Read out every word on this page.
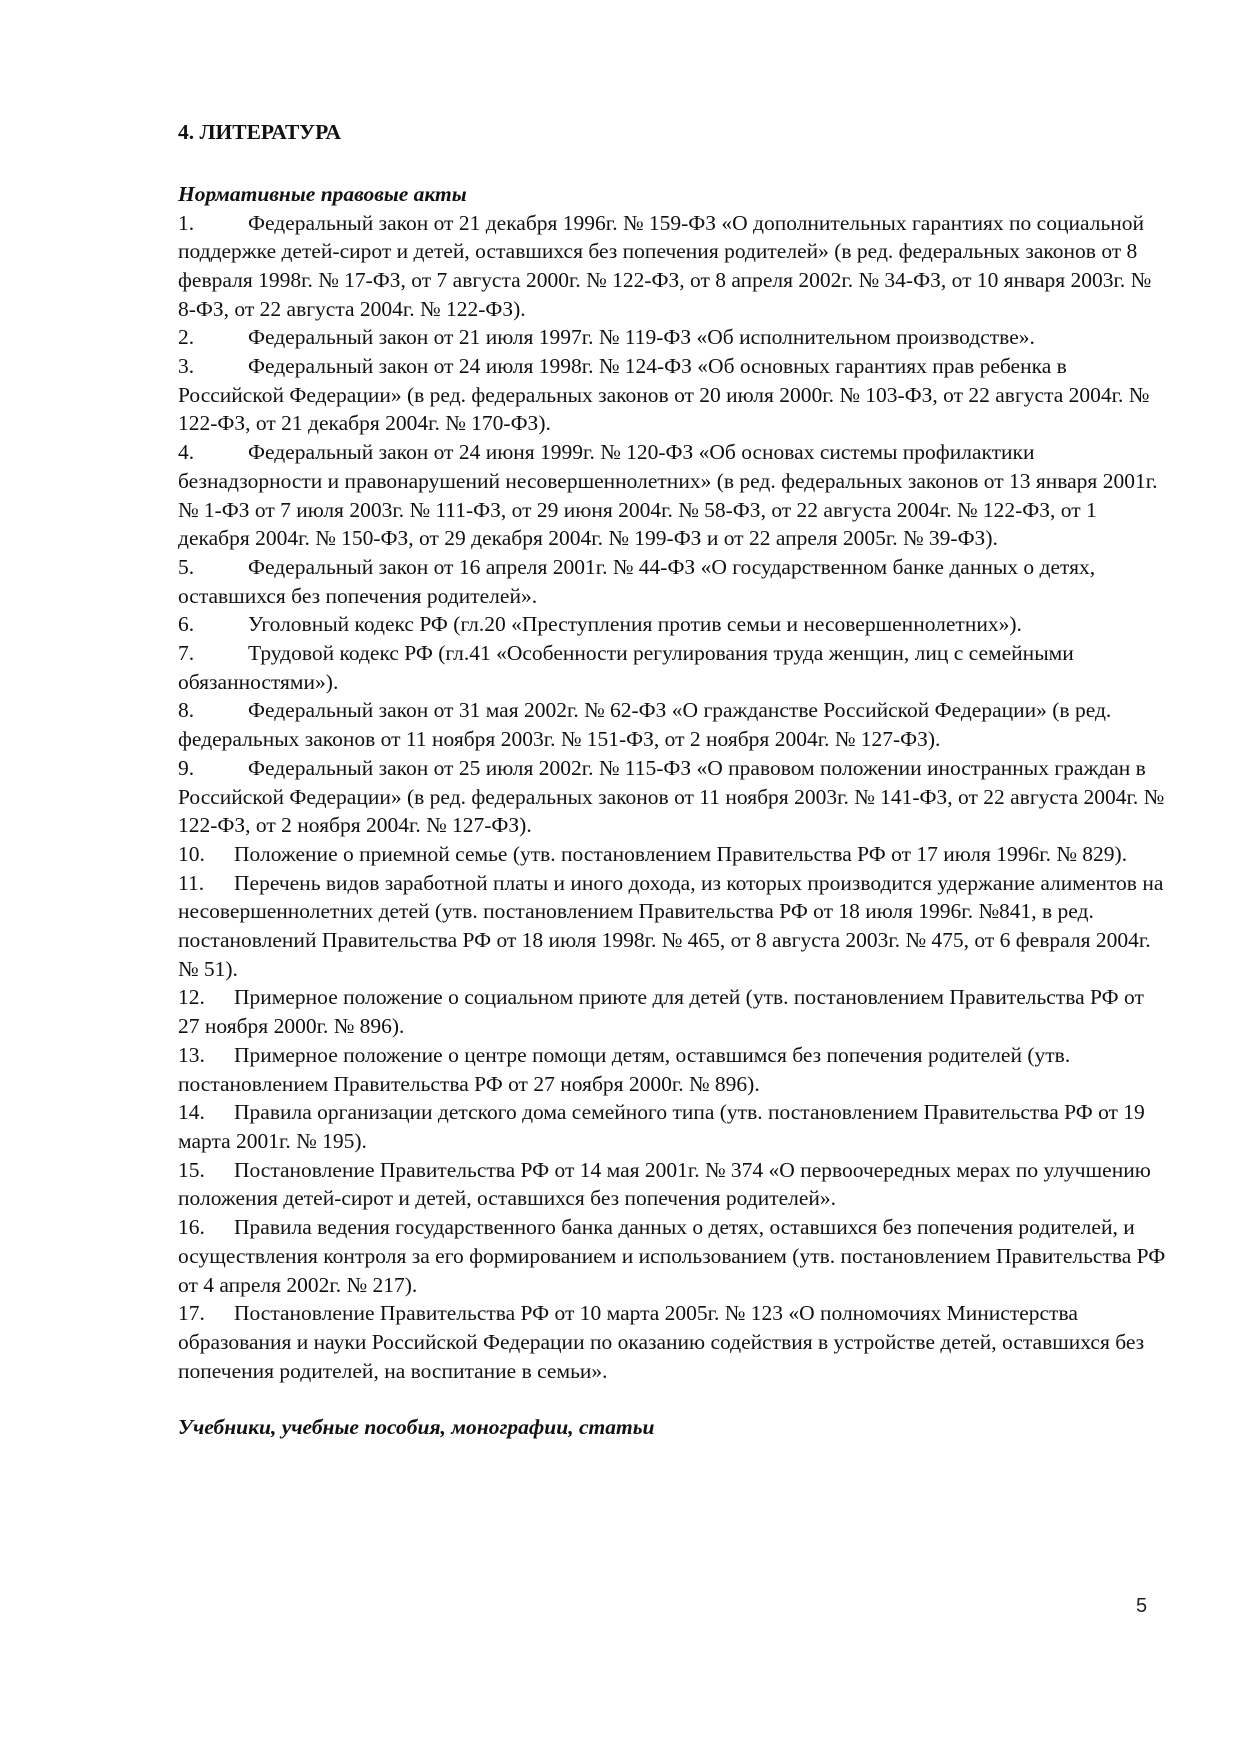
4. ЛИТЕРАТУРА
Нормативные правовые акты
1.	Федеральный закон от 21 декабря 1996г. № 159-ФЗ «О дополнительных гарантиях по социальной поддержке детей-сирот и детей, оставшихся без попечения родителей» (в ред. федеральных законов от 8 февраля 1998г. № 17-ФЗ, от 7 августа 2000г. № 122-ФЗ, от 8 апреля 2002г. № 34-ФЗ, от 10 января 2003г. № 8-ФЗ, от 22 августа 2004г. № 122-ФЗ).
2.	Федеральный закон от 21 июля 1997г. № 119-ФЗ «Об исполнительном производстве».
3.	Федеральный закон от 24 июля 1998г. № 124-ФЗ «Об основных гарантиях прав ребенка в Российской Федерации» (в ред. федеральных законов от 20 июля 2000г. № 103-ФЗ, от 22 августа 2004г. № 122-ФЗ, от 21 декабря 2004г. № 170-ФЗ).
4.	Федеральный закон от 24 июня 1999г. № 120-ФЗ «Об основах системы профилактики безнадзорности и правонарушений несовершеннолетних» (в ред. федеральных законов от 13 января 2001г. № 1-ФЗ от 7 июля 2003г. № 111-ФЗ, от 29 июня 2004г. № 58-ФЗ, от 22 августа 2004г. № 122-ФЗ, от 1 декабря 2004г. № 150-ФЗ, от 29 декабря 2004г. № 199-ФЗ и от 22 апреля 2005г. № 39-ФЗ).
5.	Федеральный закон от 16 апреля 2001г. № 44-ФЗ «О государственном банке данных о детях, оставшихся без попечения родителей».
6.	Уголовный кодекс РФ (гл.20 «Преступления против семьи и несовершеннолетних»).
7.	Трудовой кодекс РФ (гл.41 «Особенности регулирования труда женщин, лиц с семейными обязанностями»).
8.	Федеральный закон от 31 мая 2002г. № 62-ФЗ «О гражданстве Российской Федерации» (в ред. федеральных законов от 11 ноября 2003г. № 151-ФЗ, от 2 ноября 2004г. № 127-ФЗ).
9.	Федеральный закон от 25 июля 2002г. № 115-ФЗ «О правовом положении иностранных граждан в Российской Федерации» (в ред. федеральных законов от 11 ноября 2003г. № 141-ФЗ, от 22 августа 2004г. № 122-ФЗ, от 2 ноября 2004г. № 127-ФЗ).
10. Положение о приемной семье (утв. постановлением Правительства РФ от 17 июля 1996г. № 829).
11. Перечень видов заработной платы и иного дохода, из которых производится удержание алиментов на несовершеннолетних детей (утв. постановлением Правительства РФ от 18 июля 1996г. №841, в ред. постановлений Правительства РФ от 18 июля 1998г. № 465, от 8 августа 2003г. № 475, от 6 февраля 2004г. № 51).
12. Примерное положение о социальном приюте для детей (утв. постановлением Правительства РФ от 27 ноября 2000г. № 896).
13. Примерное положение о центре помощи детям, оставшимся без попечения родителей (утв. постановлением Правительства РФ от 27 ноября 2000г. № 896).
14. Правила организации детского дома семейного типа (утв. постановлением Правительства РФ от 19 марта 2001г. № 195).
15. Постановление Правительства РФ от 14 мая 2001г. № 374 «О первоочередных мерах по улучшению положения детей-сирот и детей, оставшихся без попечения родителей».
16. Правила ведения государственного банка данных о детях, оставшихся без попечения родителей, и осуществления контроля за его формированием и использованием (утв. постановлением Правительства РФ от 4 апреля 2002г. № 217).
17. Постановление Правительства РФ от 10 марта 2005г. № 123 «О полномочиях Министерства образования и науки Российской Федерации по оказанию содействия в устройстве детей, оставшихся без попечения родителей, на воспитание в семьи».
Учебники, учебные пособия, монографии, статьи
5
